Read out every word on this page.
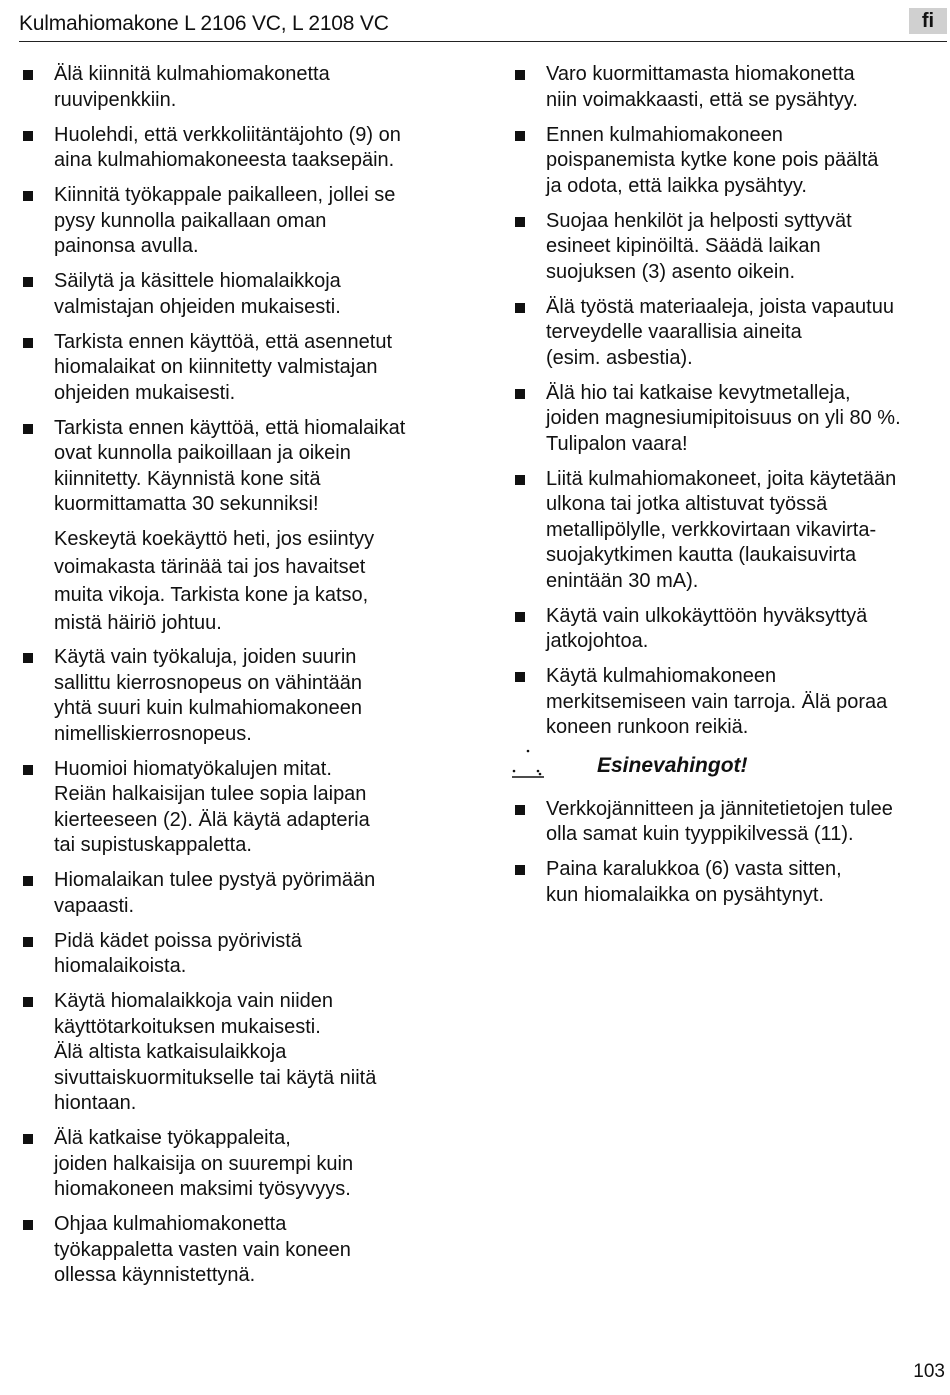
Kulmahiomakone L 2106 VC, L 2108 VC	fi
Älä kiinnitä kulmahiomakonetta
ruuvipenkkiin.
Huolehdi, että verkkoliitäntäjohto (9) on
aina kulmahiomakoneesta taaksepäin.
Kiinnitä työkappale paikalleen, jollei se
pysy kunnolla paikallaan oman
painonsa avulla.
Säilytä ja käsittele hiomalaikkoja
valmistajan ohjeiden mukaisesti.
Tarkista ennen käyttöä, että asennetut
hiomalaikat on kiinnitetty valmistajan
ohjeiden mukaisesti.
Tarkista ennen käyttöä, että hiomalaikat
ovat kunnolla paikoillaan ja oikein
kiinnitetty. Käynnistä kone sitä
kuormittamatta 30 sekunniksi!
Keskeytä koekäyttö heti, jos esiintyy
voimakasta tärinää tai jos havaitset
muita vikoja. Tarkista kone ja katso,
mistä häiriö johtuu.
Käytä vain työkaluja, joiden suurin
sallittu kierrosnopeus on vähintään
yhtä suuri kuin kulmahiomakoneen
nimelliskierrosnopeus.
Huomioi hiomatyökalujen mitat.
Reiän halkaisijan tulee sopia laipan
kierteeseen (2). Älä käytä adapteria
tai supistuskappaletta.
Hiomalaikan tulee pystyä pyörimään
vapaasti.
Pidä kädet poissa pyörivistä
hiomalaikoista.
Käytä hiomalaikkoja vain niiden
käyttötarkoituksen mukaisesti.
Älä altista katkaisulaikkoja
sivuttaiskuormitukselle tai käytä niitä
hiontaan.
Älä katkaise työkappaleita,
joiden halkaisija on suurempi kuin
hiomakoneen maksimi työsyvyys.
Ohjaa kulmahiomakonetta
työkappaletta vasten vain koneen
ollessa käynnistettynä.
Varo kuormittamasta hiomakonetta
niin voimakkaasti, että se pysähtyy.
Ennen kulmahiomakoneen
poispanemista kytke kone pois päältä
ja odota, että laikka pysähtyy.
Suojaa henkilöt ja helposti syttyvät
esineet kipinöiltä. Säädä laikan
suojuksen (3) asento oikein.
Älä työstä materiaaleja, joista vapautuu
terveydelle vaarallisia aineita
(esim. asbestia).
Älä hio tai katkaise kevytmetalleja,
joiden magnesiumipitoisuus on yli 80 %.
Tulipalon vaara!
Liitä kulmahiomakoneet, joita käytetään
ulkona tai jotka altistuvat työssä
metallipölylle, verkkovirtaan vikavirta-
suojakytkimen kautta (laukaisuvirta
enintään 30 mA).
Käytä vain ulkokäyttöön hyväksyttyä
jatkojohtoa.
Käytä kulmahiomakoneen
merkitsemiseen vain tarroja. Älä poraa
koneen runkoon reikiä.
Esinevahingot!
Verkkojännitteen ja jännitetietojen tulee
olla samat kuin tyyppikilvessä (11).
Paina karalukkoa (6) vasta sitten,
kun hiomalaikka on pysähtynyt.
103
